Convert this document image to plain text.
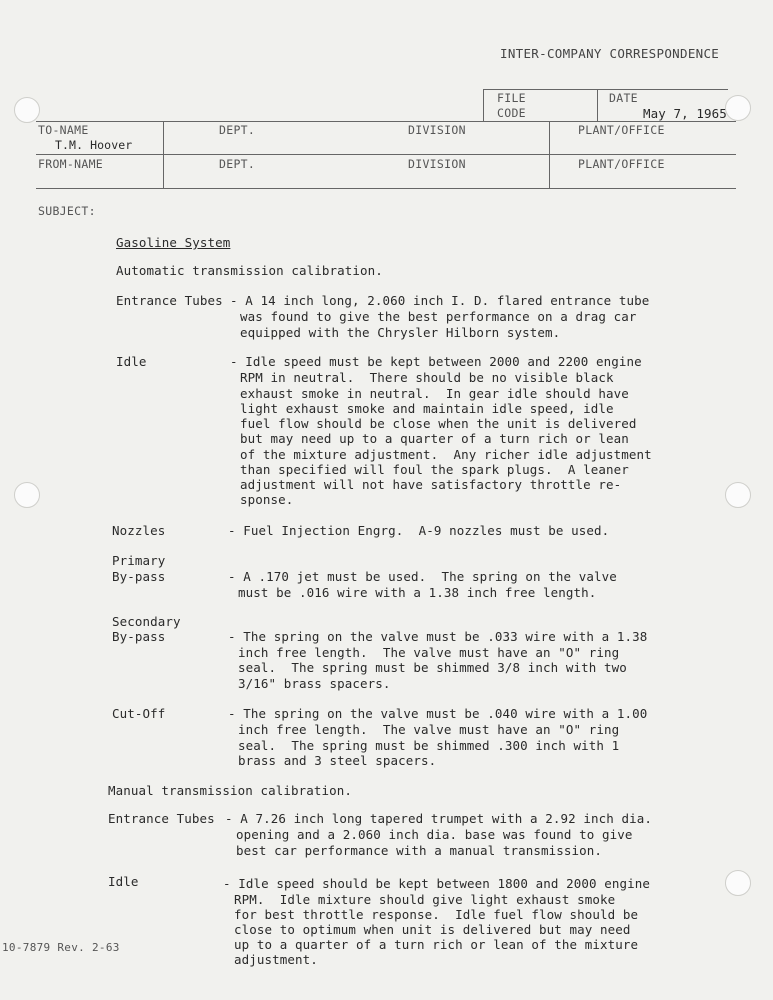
INTER-COMPANY CORRESPONDENCE
FILE
CODE
DATE
May 7, 1965
TO-NAME
T.M. Hoover
DEPT.	DIVISION	PLANT/OFFICE
FROM-NAME	DEPT.	DIVISION	PLANT/OFFICE
SUBJECT:
Gasoline System
Automatic transmission calibration.
Entrance Tubes - A 14 inch long, 2.060 inch I. D. flared entrance tube
was found to give the best performance on a drag car
equipped with the Chrysler Hilborn system.
Idle	- Idle speed must be kept between 2000 and 2200 engine
RPM in neutral.  There should be no visible black
exhaust smoke in neutral.  In gear idle should have
light exhaust smoke and maintain idle speed, idle
fuel flow should be close when the unit is delivered
but may need up to a quarter of a turn rich or lean
of the mixture adjustment.  Any richer idle adjustment
than specified will foul the spark plugs.  A leaner
adjustment will not have satisfactory throttle re-
sponse.
Nozzles	- Fuel Injection Engrg.  A-9 nozzles must be used.
Primary
By-pass	- A .170 jet must be used.  The spring on the valve
must be .016 wire with a 1.38 inch free length.
Secondary
By-pass	- The spring on the valve must be .033 wire with a 1.38
inch free length.  The valve must have an "O" ring
seal.  The spring must be shimmed 3/8 inch with two
3/16" brass spacers.
Cut-Off	- The spring on the valve must be .040 wire with a 1.00
inch free length.  The valve must have an "O" ring
seal.  The spring must be shimmed .300 inch with 1
brass and 3 steel spacers.
Manual transmission calibration.
Entrance Tubes - A 7.26 inch long tapered trumpet with a 2.92 inch dia.
opening and a 2.060 inch dia. base was found to give
best car performance with a manual transmission.
Idle	- Idle speed should be kept between 1800 and 2000 engine
RPM.  Idle mixture should give light exhaust smoke
for best throttle response.  Idle fuel flow should be
close to optimum when unit is delivered but may need
up to a quarter of a turn rich or lean of the mixture
adjustment.
10-7879 Rev. 2-63
